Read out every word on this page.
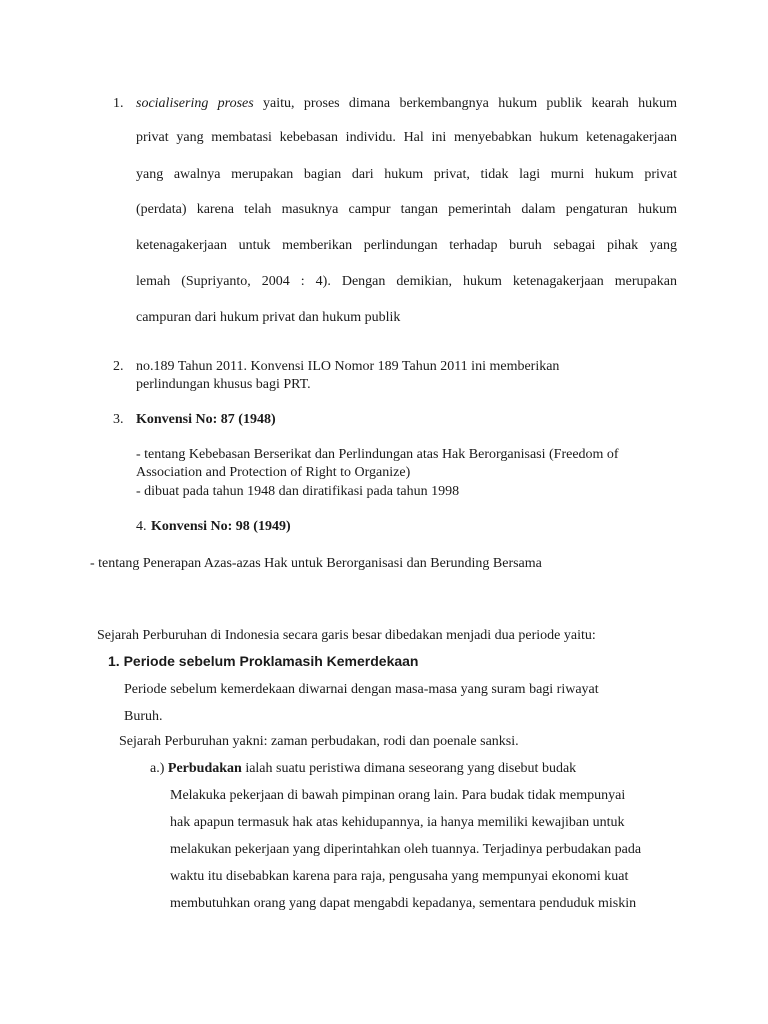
1. socialisering proses yaitu, proses dimana berkembangnya hukum publik kearah hukum
privat yang membatasi kebebasan individu. Hal ini menyebabkan hukum ketenagakerjaan
yang awalnya merupakan bagian dari hukum privat, tidak lagi murni hukum privat
(perdata) karena telah masuknya campur tangan pemerintah dalam pengaturan hukum
ketenagakerjaan untuk memberikan perlindungan terhadap buruh sebagai pihak yang
lemah (Supriyanto, 2004 : 4). Dengan demikian, hukum ketenagakerjaan merupakan
campuran dari hukum privat dan hukum publik
2. no.189 Tahun 2011. Konvensi ILO Nomor 189 Tahun 2011 ini memberikan
perlindungan khusus bagi PRT.
3. Konvensi No: 87 (1948)
- tentang Kebebasan Berserikat dan Perlindungan atas Hak Berorganisasi (Freedom of
Association and Protection of Right to Organize)
- dibuat pada tahun 1948 dan diratifikasi pada tahun 1998
4. Konvensi No: 98 (1949)
- tentang Penerapan Azas-azas Hak untuk Berorganisasi dan Berunding Bersama
Sejarah Perburuhan di Indonesia secara garis besar dibedakan menjadi dua periode yaitu:
1. Periode sebelum Proklamasih Kemerdekaan
Periode sebelum kemerdekaan diwarnai dengan masa-masa yang suram bagi riwayat
Buruh.
Sejarah Perburuhan yakni: zaman perbudakan, rodi dan poenale sanksi.
a.) Perbudakan ialah suatu peristiwa dimana seseorang yang disebut budak
Melakuka pekerjaan di bawah pimpinan orang lain. Para budak tidak mempunyai
hak apapun termasuk hak atas kehidupannya, ia hanya memiliki kewajiban untuk
melakukan pekerjaan yang diperintahkan oleh tuannya. Terjadinya perbudakan pada
waktu itu disebabkan karena para raja, pengusaha yang mempunyai ekonomi kuat
membutuhkan orang yang dapat mengabdi kepadanya, sementara penduduk miskin
